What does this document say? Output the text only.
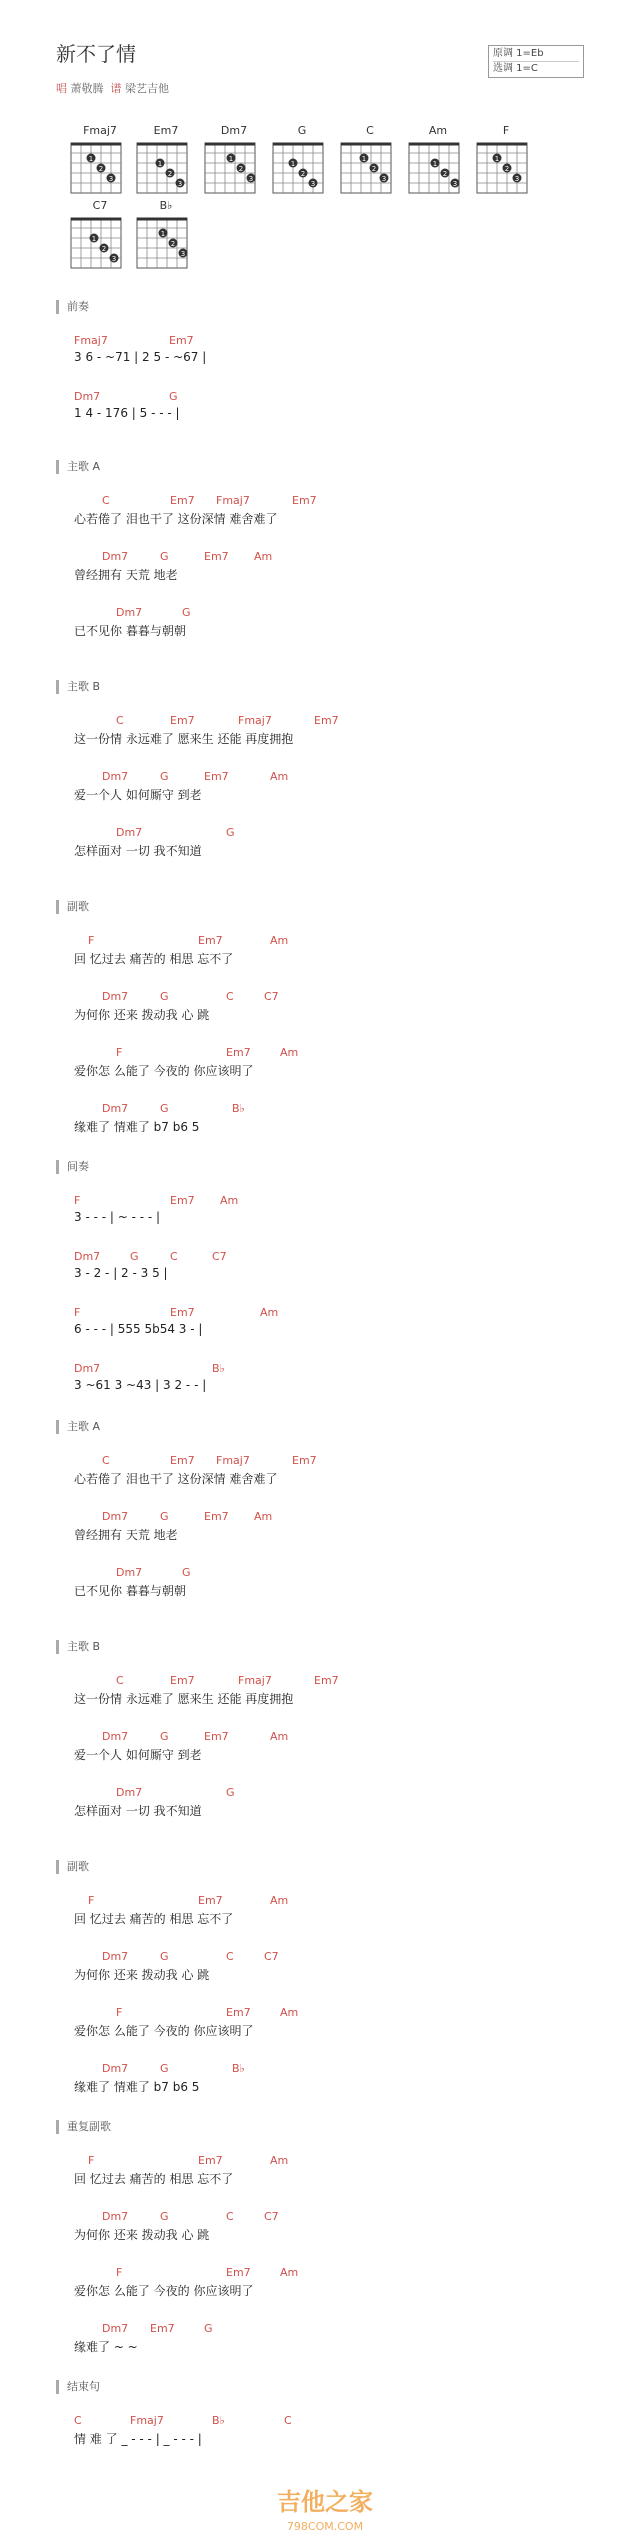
新不了情
唱 萧敬腾 谱 梁艺吉他
原调 1=Eb
选调 1=C
Fmaj7
1
2
3
Em7
1
2
3
Dm7
1
2
3
G
1
2
3
C
1
2
3
Am
1
2
3
F
1
2
3
C7
1
2
3
B♭
1
2
3
前奏
Fmaj7	Em7
3 6 - ~71 | 2 5 - ~67 |
Dm7	G
1 4 - 176 | 5 - - - |
主歌 A
C	Em7 Fmaj7	Em7
心若倦了 泪也干了 这份深情 难舍难了
Dm7	G	Em7 Am
曾经拥有 天荒 地老
Dm7	G
已不见你 暮暮与朝朝
主歌 B
C	Em7	Fmaj7	Em7
这一份情 永远难了 愿来生 还能 再度拥抱
Dm7	G	Em7	Am
爱一个人 如何厮守 到老
Dm7	G
怎样面对 一切 我不知道
副歌
F	Em7	Am
回 忆过去 痛苦的 相思 忘不了
Dm7	G	C	C7
为何你 还来 拨动我 心 跳
F	Em7	Am
爱你怎 么能了 今夜的 你应该明了
Dm7	G	B♭
缘难了 情难了 b7 b6 5
间奏
F	Em7 Am
3 - - - | ~ - - - |
Dm7	G	C	C7
3 - 2 - | 2 - 3 5 |
F	Em7	Am
6 - - - | 555 5b54 3 - |
Dm7	B♭
3 ~61 3 ~43 | 3 2 - - |
主歌 A
C	Em7 Fmaj7	Em7
心若倦了 泪也干了 这份深情 难舍难了
Dm7	G	Em7 Am
曾经拥有 天荒 地老
Dm7	G
已不见你 暮暮与朝朝
主歌 B
C	Em7	Fmaj7	Em7
这一份情 永远难了 愿来生 还能 再度拥抱
Dm7	G	Em7	Am
爱一个人 如何厮守 到老
Dm7	G
怎样面对 一切 我不知道
副歌
F	Em7	Am
回 忆过去 痛苦的 相思 忘不了
Dm7	G	C	C7
为何你 还来 拨动我 心 跳
F	Em7	Am
爱你怎 么能了 今夜的 你应该明了
Dm7	G	B♭
缘难了 情难了 b7 b6 5
重复副歌
F	Em7	Am
回 忆过去 痛苦的 相思 忘不了
Dm7	G	C	C7
为何你 还来 拨动我 心 跳
F	Em7	Am
爱你怎 么能了 今夜的 你应该明了
Dm7 Em7	G
缘难了 ~ ~
结束句
C	Fmaj7	B♭	C
情 难 了 _ - - - | _ - - - |
吉他之家
798COM.COM
